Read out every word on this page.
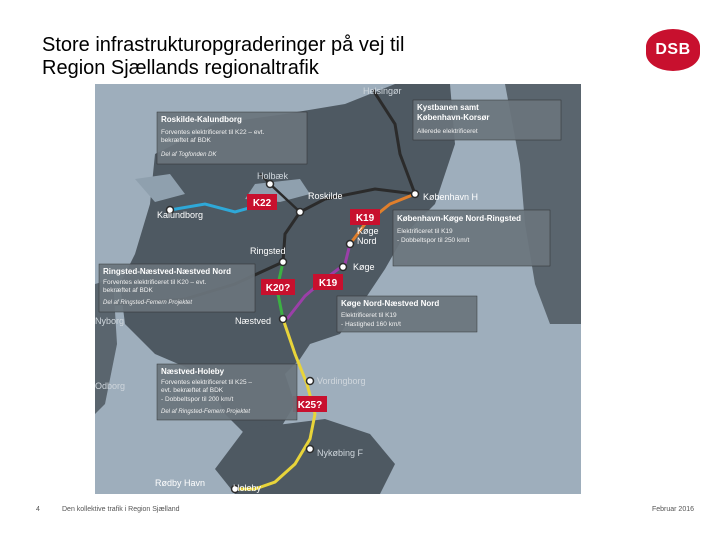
Store infrastrukturopgraderinger på vej til
Region Sjællands regionaltrafik
DSB
Helsingør
Holbæk
Roskilde	København H
Kalundborg
Ringsted
Køge Nord
Køge
Næstved
Vordingborg
Nykøbing F
Rødby Havn	Holeby
Nyborg
Odborg
K22
K19
K20?	K19
K25?
Roskilde-Kalundborg
Forventes elektrificeret til K22 – evt.
bekræftet af BDK
Del af Togfonden DK
Kystbanen samt
København-Korsør
Allerede elektrificeret
København-Køge Nord-Ringsted
Elektrificeret til K19
- Dobbeltspor til 250 km/t
Ringsted-Næstved-Næstved Nord
Forventes elektrificeret til K20 – evt.
bekræftet af BDK
Del af Ringsted-Femern Projektet	Køge Nord-Næstved Nord
Elektrificeret til K19
- Hastighed 160 km/t
Næstved-Holeby
Forventes elektrificeret til K25 –
evt. bekræftet af BDK
- Dobbeltspor til 200 km/t
Del af Ringsted-Femern Projektet
4	Den kollektive trafik i Region Sjælland	Februar 2016
